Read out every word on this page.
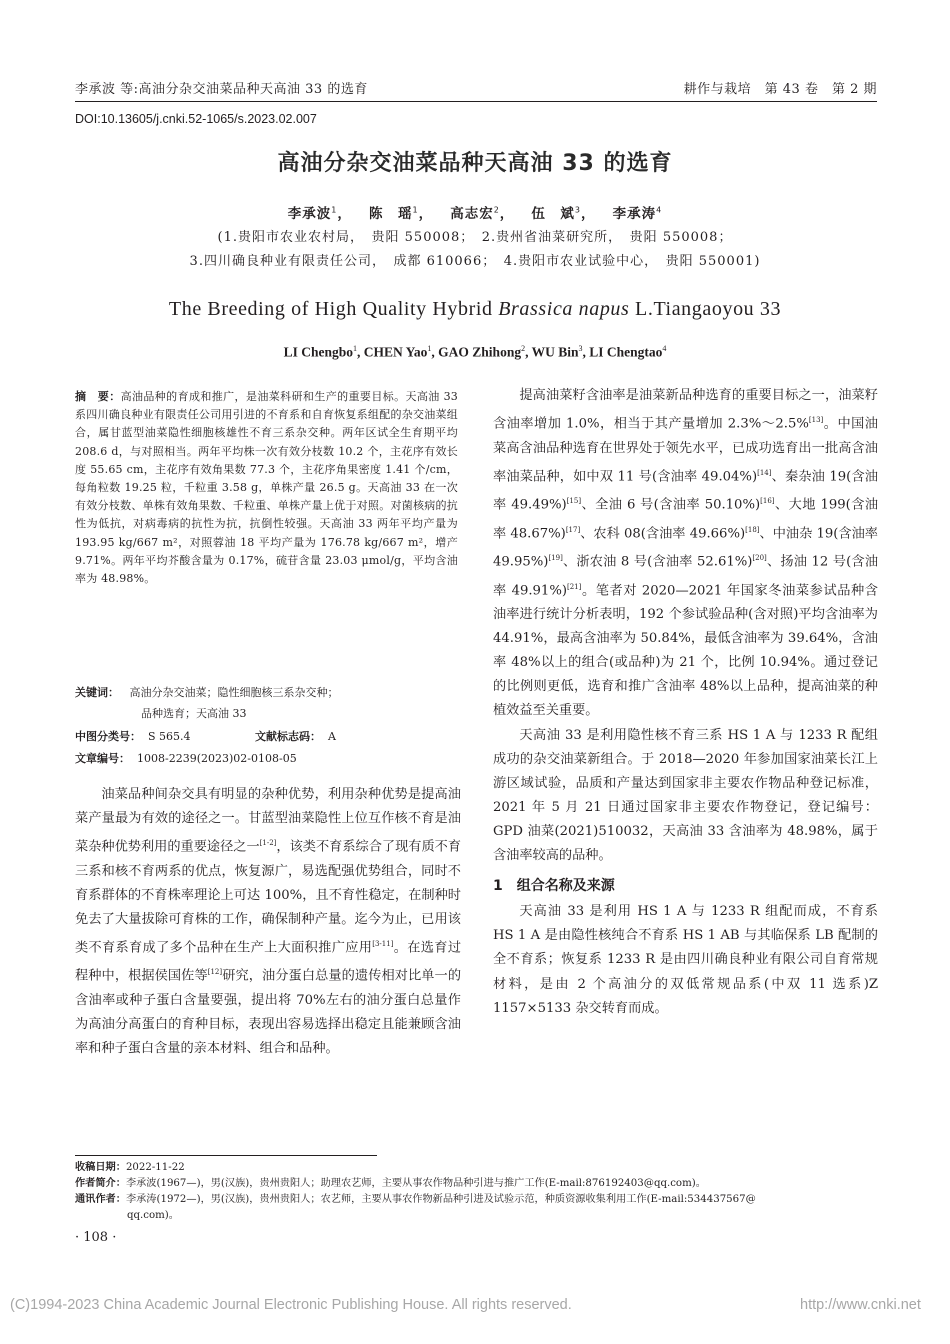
李承波 等:高油分杂交油菜品种天高油 33 的选育	耕作与栽培　第 43 卷　第 2 期
DOI:10.13605/j.cnki.52-1065/s.2023.02.007
高油分杂交油菜品种天高油 33 的选育
李承波$^1$，   陈　瑶$^1$，   高志宏$^2$，   伍　斌$^3$，   李承涛$^4$
(1.贵阳市农业农村局，　贵阳 550008；　2.贵州省油菜研究所，　贵阳 550008；
3.四川确良种业有限责任公司，　成都 610066；　4.贵阳市农业试验中心，　贵阳 550001)
The Breeding of High Quality Hybrid Brassica napus L.Tiangaoyou 33
LI Chengbo$^1$, CHEN Yao$^1$, GAO Zhihong$^2$, WU Bin$^3$, LI Chengtao$^4$
摘　要：高油品种的育成和推广，是油菜科研和生产的重要目标。天高油 33 系四川确良种业有限责任公司用引进的不育系和自育恢复系组配的杂交油菜组合，属甘蓝型油菜隐性细胞核雄性不育三系杂交种。两年区试全生育期平均 208.6 d，与对照相当。两年平均株一次有效分枝数 10.2 个，主花序有效长度 55.65 cm，主花序有效角果数 77.3 个，主花序角果密度 1.41 个/cm，每角粒数 19.25 粒，千粒重 3.58 g，单株产量 26.5 g。天高油 33 在一次有效分枝数、单株有效角果数、千粒重、单株产量上优于对照。对菌核病的抗性为低抗，对病毒病的抗性为抗，抗倒性较强。天高油 33 两年平均产量为 193.95 kg/667 m²，对照蓉油 18 平均产量为 176.78 kg/667 m²，增产 9.71%。两年平均芥酸含量为 0.17%，硫苷含量 23.03 μmol/g，平均含油率为 48.98%。
关键词： 高油分杂交油菜；隐性细胞核三系杂交种；
品种选育；天高油 33
中图分类号： S 565.4	文献标志码： A
文章编号： 1008-2239(2023)02-0108-05

油菜品种间杂交具有明显的杂种优势，利用杂种优势是提高油菜产量最为有效的途径之一。甘蓝型油菜隐性上位互作核不育是油菜杂种优势利用的重要途径之一[1-2]，该类不育系综合了现有质不育三系和核不育两系的优点，恢复源广，易选配强优势组合，同时不育系群体的不育株率理论上可达 100%，且不育性稳定，在制种时免去了大量拔除可育株的工作，确保制种产量。迄今为止，已用该类不育系育成了多个品种在生产上大面积推广应用[3-11]。在选育过程种中，根据侯国佐等[12]研究，油分蛋白总量的遗传相对比单一的含油率或种子蛋白含量要强，提出将 70%左右的油分蛋白总量作为高油分高蛋白的育种目标，表现出容易选择出稳定且能兼顾含油率和种子蛋白含量的亲本材料、组合和品种。

提高油菜籽含油率是油菜新品种选育的重要目标之一，油菜籽含油率增加 1.0%，相当于其产量增加 2.3%～2.5%[13]。中国油菜高含油品种选育在世界处于领先水平，已成功选育出一批高含油率油菜品种，如中双 11 号(含油率 49.04%)[14]、秦杂油 19(含油率 49.49%)[15]、全油 6 号(含油率 50.10%)[16]、大地 199(含油率 48.67%)[17]、农科 08(含油率 49.66%)[18]、中油杂 19(含油率 49.95%)[19]、浙农油 8 号(含油率 52.61%)[20]、扬油 12 号(含油率 49.91%)[21]。笔者对 2020—2021 年国家冬油菜参试品种含油率进行统计分析表明，192 个参试验品种(含对照)平均含油率为 44.91%，最高含油率为 50.84%，最低含油率为 39.64%，含油率 48%以上的组合(或品种)为 21 个，比例 10.94%。通过登记的比例则更低，选育和推广含油率 48%以上品种，提高油菜的种植效益至关重要。

天高油 33 是利用隐性核不育三系 HS 1 A 与 1233 R 配组成功的杂交油菜新组合。于 2018—2020 年参加国家油菜长江上游区域试验，品质和产量达到国家非主要农作物品种登记标准，2021 年 5 月 21 日通过国家非主要农作物登记，登记编号：GPD 油菜(2021)510032，天高油 33 含油率为 48.98%，属于含油率较高的品种。

1　组合名称及来源

天高油 33 是利用 HS 1 A 与 1233 R 组配而成，不育系 HS 1 A 是由隐性核纯合不育系 HS 1 AB 与其临保系 LB 配制的全不育系；恢复系 1233 R 是由四川确良种业有限公司自育常规材料，是由 2 个高油分的双低常规品系(中双 11 选系)Z 1157×5133 杂交转育而成。

收稿日期：2022-11-22
作者简介：李承波(1967—)，男(汉族)，贵州贵阳人；助理农艺师，主要从事农作物品种引进与推广工作(E-mail:876192403@qq.com)。
通讯作者：李承涛(1972—)，男(汉族)，贵州贵阳人；农艺师，主要从事农作物新品种引进及试验示范，种质资源收集利用工作(E-mail:534437567@
qq.com)。
· 108 ·
(C)1994-2023 China Academic Journal Electronic Publishing House. All rights reserved.	http://www.cnki.net
